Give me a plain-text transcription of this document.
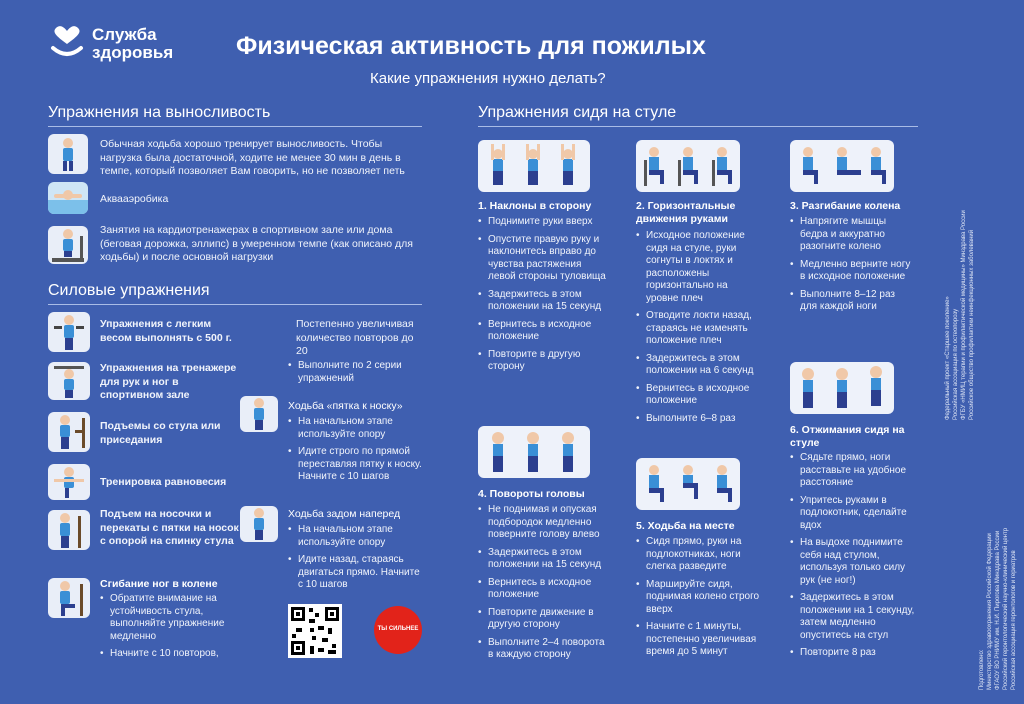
Служба
здоровья	Физическая активность для пожилых
Какие упражнения нужно делать?
Упражнения на выносливость
Обычная ходьба хорошо тренирует выносливость. Чтобы нагрузка была достаточной, ходите не менее 30 мин в день в темпе, который позволяет Вам говорить, но не позволяет петь
Аквааэробика
Занятия на кардиотренажерах в спортивном зале или дома (беговая дорожка, эллипс) в умеренном темпе (как описано для ходьбы) и после основной нагрузки
Силовые упражнения
Упражнения с легким весом выполнять с 500 г.
Упражнения на тренажере для рук и ног в спортивном зале
Подъемы со стула или приседания
Тренировка равновесия
Подъем на носочки и перекаты с пятки на носок с опорой на спинку стула
Сгибание ног в колене
• Обратите внимание на устойчивость стула, выполняйте упражнение медленно
• Начните с 10 повторов,
Постепенно увеличивая количество повторов до 20
• Выполните по 2 серии упражнений
Ходьба «пятка к носку»
• На начальном этапе используйте опору
• Идите строго по прямой переставляя пятку к носку. Начните с 10 шагов
Ходьба задом наперед
• На начальном этапе используйте опору
• Идите назад, стараясь двигаться прямо. Начните с 10 шагов
ТЫ СИЛЬНЕЕ
Упражнения сидя на стуле
1. Наклоны в сторону
• Поднимите руки вверх
• Опустите правую руку и наклонитесь вправо до чувства растяжения левой стороны туловища
• Задержитесь в этом положении на 15 секунд
• Вернитесь в исходное положение
• Повторите в другую сторону
2. Горизонтальные движения руками
• Исходное положение сидя на стуле, руки согнуты в локтях и расположены горизонтально на уровне плеч
• Отводите локти назад, стараясь не изменять положение плеч
• Задержитесь в этом положении на 6 секунд
• Вернитесь в исходное положение
• Выполните 6–8 раз
3. Разгибание колена
• Напрягите мышцы бедра и аккуратно разогните колено
• Медленно верните ногу в исходное положение
• Выполните 8–12 раз для каждой ноги
4. Повороты головы
• Не поднимая и опуская подбородок медленно поверните голову влево
• Задержитесь в этом положении на 15 секунд
• Вернитесь в исходное положение
• Повторите движение в другую сторону
• Выполните 2–4 поворота в каждую сторону
5. Ходьба на месте
• Сидя прямо, руки на подлокотниках, ноги слегка разведите
• Маршируйте сидя, поднимая колено строго вверх
• Начните с 1 минуты, постепенно увеличивая время до 5 минут
6. Отжимания сидя на стуле
• Сядьте прямо, ноги расставьте на удобное расстояние
• Упритесь руками в подлокотник, сделайте вдох
• На выдохе поднимите себя над стулом, используя только силу рук (не ног!)
• Задержитесь в этом положении на 1 секунду, затем медленно опуститесь на стул
• Повторите 8 раз
Федеральный проект «Старшее поколение» Российская ассоциация по остеопорозу ФГБУ «НМИЦ терапии и профилактической медицины» Минздрава России Российское общество профилактики неинфекционных заболеваний
Подготовлено: Министерство здравоохранения Российской Федерации ФГАОУ ВО РНИМУ им. Н.И. Пирогова Минздрава России Российский геронтологический научно-клинический центр Российская ассоциация геронтологов и гериатров
